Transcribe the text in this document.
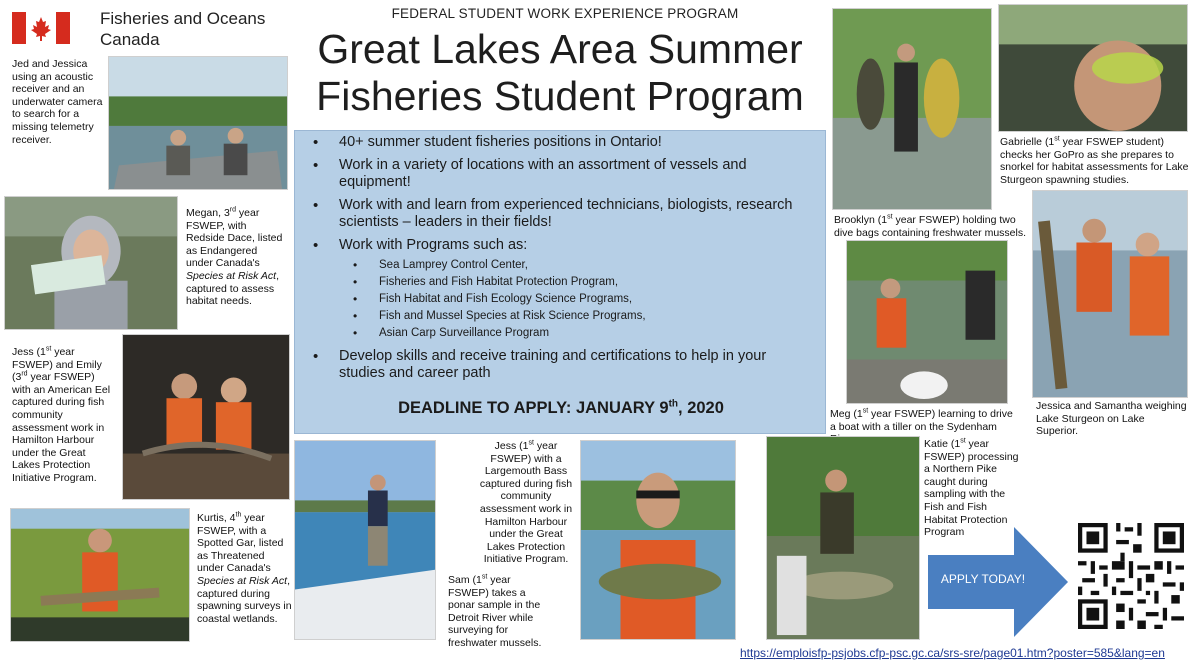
Fisheries and Oceans Canada
FEDERAL STUDENT WORK EXPERIENCE PROGRAM
Great Lakes Area Summer Fisheries Student Program
Jed and Jessica using an acoustic receiver and an underwater camera to search for a missing telemetry receiver.
Megan, 3rd year FSWEP, with Redside Dace, listed as Endangered under Canada's Species at Risk Act, captured to assess habitat needs.
Jess (1st year FSWEP) and Emily (3rd year FSWEP) with an American Eel captured during fish community assessment work in Hamilton Harbour under the Great Lakes Protection Initiative Program.
Kurtis, 4th year FSWEP, with a Spotted Gar, listed as Threatened under Canada's Species at Risk Act, captured during spawning surveys in coastal wetlands.
• 40+ summer student fisheries positions in Ontario!
• Work in a variety of locations with an assortment of vessels and equipment!
• Work with and learn from experienced technicians, biologists, research scientists – leaders in their fields!
• Work with Programs such as:
• Sea Lamprey Control Center,
• Fisheries and Fish Habitat Protection Program,
• Fish Habitat and Fish Ecology Science Programs,
• Fish and Mussel Species at Risk Science Programs,
• Asian Carp Surveillance Program
• Develop skills and receive training and certifications to help in your studies and career path
DEADLINE TO APPLY: JANUARY 9th, 2020
Sam (1st year FSWEP) takes a ponar sample in the Detroit River while surveying for freshwater mussels.
Jess (1st year FSWEP) with a Largemouth Bass captured during fish community assessment work in Hamilton Harbour under the Great Lakes Protection Initiative Program.
Brooklyn (1st year FSWEP) holding two dive bags containing freshwater mussels.
Gabrielle (1st year FSWEP student) checks her GoPro as she prepares to snorkel for habitat assessments for Lake Sturgeon spawning studies.
Meg (1st year FSWEP) learning to drive a boat with a tiller on the Sydenham
Jessica and Samantha weighing Lake Sturgeon on Lake Superior.
Katie (1st year FSWEP) processing a Northern Pike caught during sampling with the Fish and Fish Habitat Protection Program
APPLY TODAY!
https://emploisfp-psjobs.cfp-psc.gc.ca/srs-sre/page01.htm?poster=585&lang=en
